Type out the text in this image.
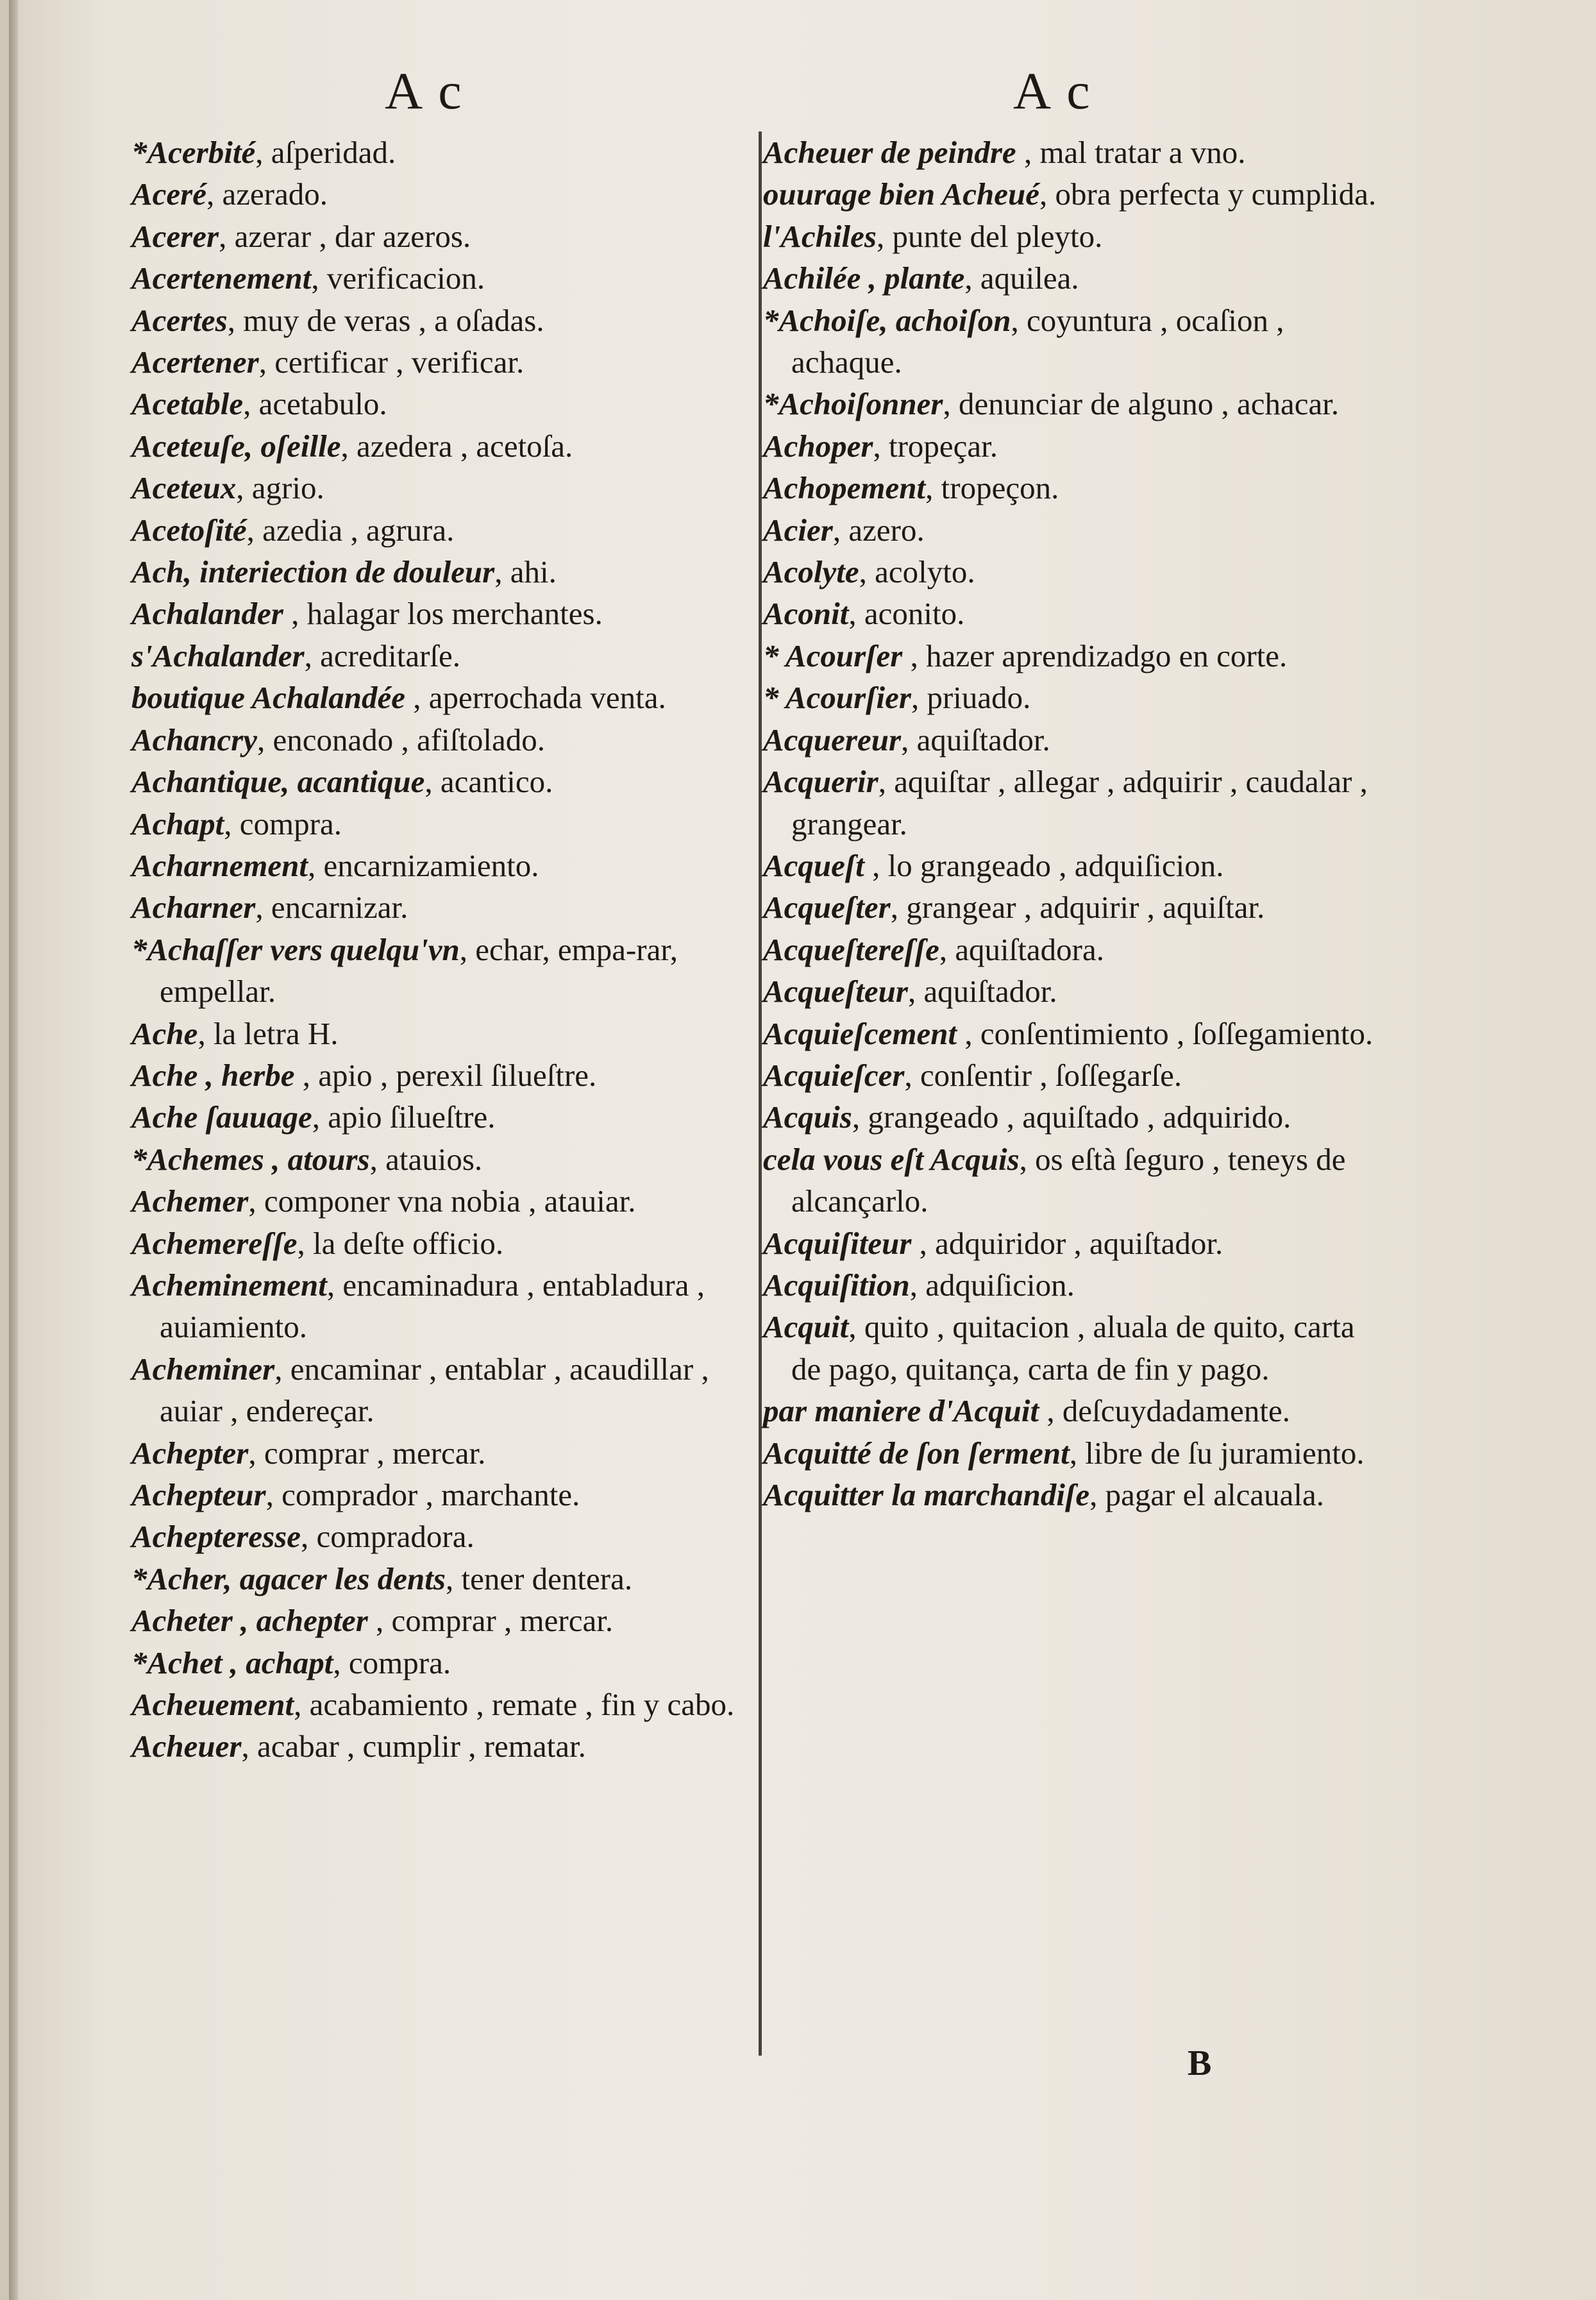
A c	A c
*Acerbité, aſperidad.
Aceré, azerado.
Acerer, azerar , dar azeros.
Acertenement, verificacion.
Acertes, muy de veras , a oſadas.
Acertener, certificar , verificar.
Acetable, acetabulo.
Aceteuſe, oſeille, azedera , acetoſa.
Aceteux, agrio.
Acetoſité, azedia , agrura.
Ach, interiection de douleur, ahi.
Achalander , halagar los merchantes.
s'Achalander, acreditarſe.
boutique Achalandée , aperrochada venta.
Achancry, enconado , afiſtolado.
Achantique, acantique, acantico.
Achapt, compra.
Acharnement, encarnizamiento.
Acharner, encarnizar.
*Achaſſer vers quelqu'vn, echar, empa-rar, empellar.
Ache, la letra H.
Ache , herbe , apio , perexil ſilueſtre.
Ache ſauuage, apio ſilueſtre.
*Achemes , atours, atauios.
Achemer, componer vna nobia , atauiar.
Achemereſſe, la deſte officio.
Acheminement, encaminadura , entabladura , auiamiento.
Acheminer, encaminar , entablar , acaudillar , auiar , endereçar.
Achepter, comprar , mercar.
Achepteur, comprador , marchante.
Achepteresse, compradora.
*Acher, agacer les dents, tener dentera.
Acheter , achepter , comprar , mercar.
*Achet , achapt, compra.
Acheuement, acabamiento , remate , fin y cabo.
Acheuer, acabar , cumplir , rematar.
Acheuer de peindre , mal tratar a vno.
ouurage bien Acheué, obra perfecta y cumplida.
l'Achiles, punte del pleyto.
Achilée , plante, aquilea.
*Achoiſe, achoiſon, coyuntura , ocaſion , achaque.
*Achoiſonner, denunciar de alguno , achacar.
Achoper, tropeçar.
Achopement, tropeçon.
Acier, azero.
Acolyte, acolyto.
Aconit, aconito.
* Acourſer , hazer aprendizadgo en corte.
* Acourſier, priuado.
Acquereur, aquiſtador.
Acquerir, aquiſtar , allegar , adquirir , caudalar , grangear.
Acqueſt , lo grangeado , adquiſicion.
Acqueſter, grangear , adquirir , aquiſtar.
Acqueſtereſſe, aquiſtadora.
Acqueſteur, aquiſtador.
Acquieſcement , conſentimiento , ſoſſegamiento.
Acquieſcer, conſentir , ſoſſegarſe.
Acquis, grangeado , aquiſtado , adquirido.
cela vous eſt Acquis, os eſtà ſeguro , teneys de alcançarlo.
Acquiſiteur , adquiridor , aquiſtador.
Acquiſition, adquiſicion.
Acquit, quito , quitacion , aluala de quito, carta de pago, quitança, carta de fin y pago.
par maniere d'Acquit , deſcuydadamente.
Acquitté de ſon ſerment, libre de ſu juramiento.
Acquitter la marchandiſe, pagar el alcauala.
B
